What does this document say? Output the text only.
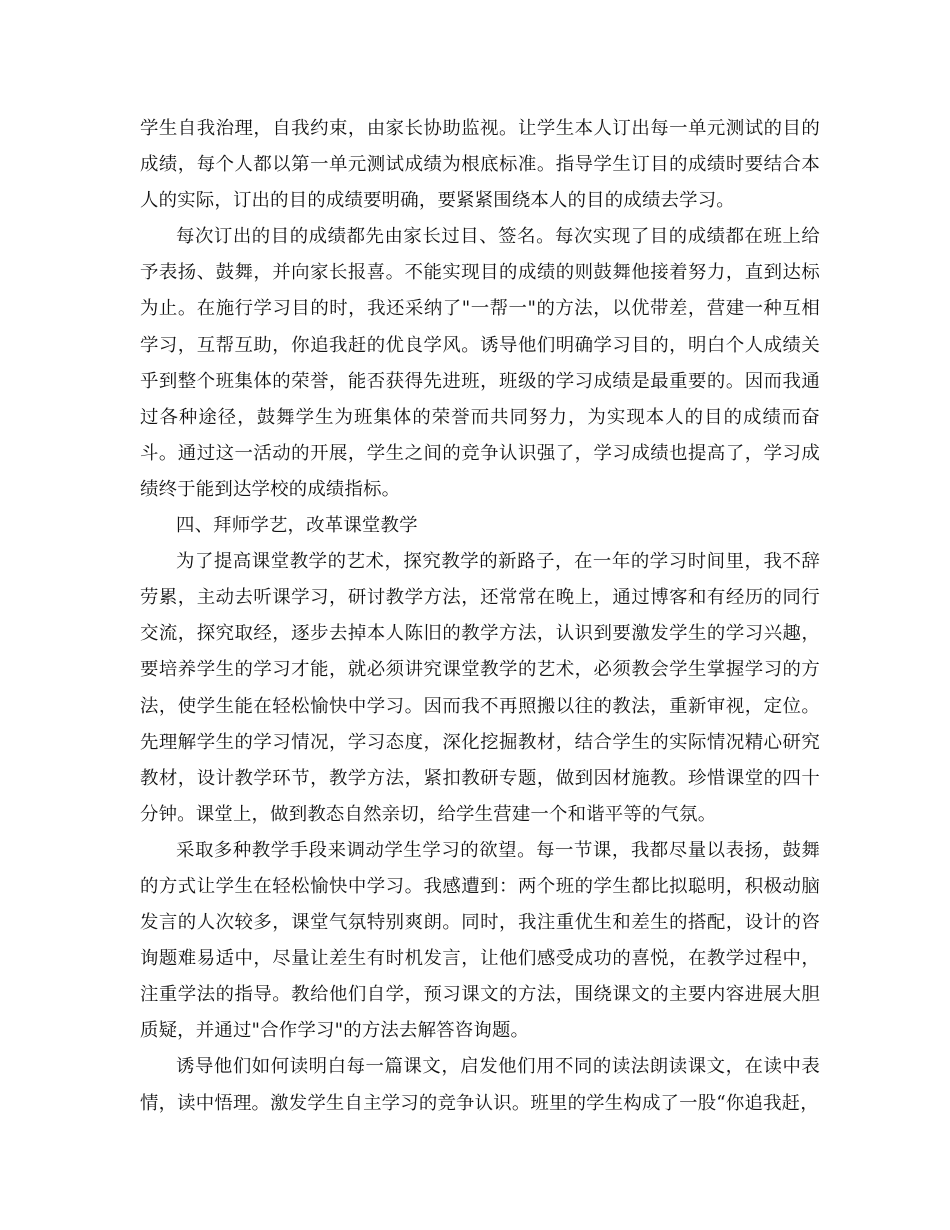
学生自我治理，自我约束，由家长协助监视。让学生本人订出每一单元测试的目的成绩，每个人都以第一单元测试成绩为根底标准。指导学生订目的成绩时要结合本人的实际，订出的目的成绩要明确，要紧紧围绕本人的目的成绩去学习。

每次订出的目的成绩都先由家长过目、签名。每次实现了目的成绩都在班上给予表扬、鼓舞，并向家长报喜。不能实现目的成绩的则鼓舞他接着努力，直到达标为止。在施行学习目的时，我还采纳了"一帮一"的方法，以优带差，营建一种互相学习，互帮互助，你追我赶的优良学风。诱导他们明确学习目的，明白个人成绩关乎到整个班集体的荣誉，能否获得先进班，班级的学习成绩是最重要的。因而我通过各种途径，鼓舞学生为班集体的荣誉而共同努力，为实现本人的目的成绩而奋斗。通过这一活动的开展，学生之间的竞争认识强了，学习成绩也提高了，学习成绩终于能到达学校的成绩指标。

四、拜师学艺，改革课堂教学

为了提高课堂教学的艺术，探究教学的新路子，在一年的学习时间里，我不辞劳累，主动去听课学习，研讨教学方法，还常常在晚上，通过博客和有经历的同行交流，探究取经，逐步去掉本人陈旧的教学方法，认识到要激发学生的学习兴趣，要培养学生的学习才能，就必须讲究课堂教学的艺术，必须教会学生掌握学习的方法，使学生能在轻松愉快中学习。因而我不再照搬以往的教法，重新审视，定位。先理解学生的学习情况，学习态度，深化挖掘教材，结合学生的实际情况精心研究教材，设计教学环节，教学方法，紧扣教研专题，做到因材施教。珍惜课堂的四十分钟。课堂上，做到教态自然亲切，给学生营建一个和谐平等的气氛。

采取多种教学手段来调动学生学习的欲望。每一节课，我都尽量以表扬，鼓舞的方式让学生在轻松愉快中学习。我感遭到：两个班的学生都比拟聪明，积极动脑发言的人次较多，课堂气氛特别爽朗。同时，我注重优生和差生的搭配，设计的咨询题难易适中，尽量让差生有时机发言，让他们感受成功的喜悦，在教学过程中，注重学法的指导。教给他们自学，预习课文的方法，围绕课文的主要内容进展大胆质疑，并通过"合作学习"的方法去解答咨询题。

诱导他们如何读明白每一篇课文，启发他们用不同的读法朗读课文，在读中表情，读中悟理。激发学生自主学习的竞争认识。班里的学生构成了一股“你追我赶，
